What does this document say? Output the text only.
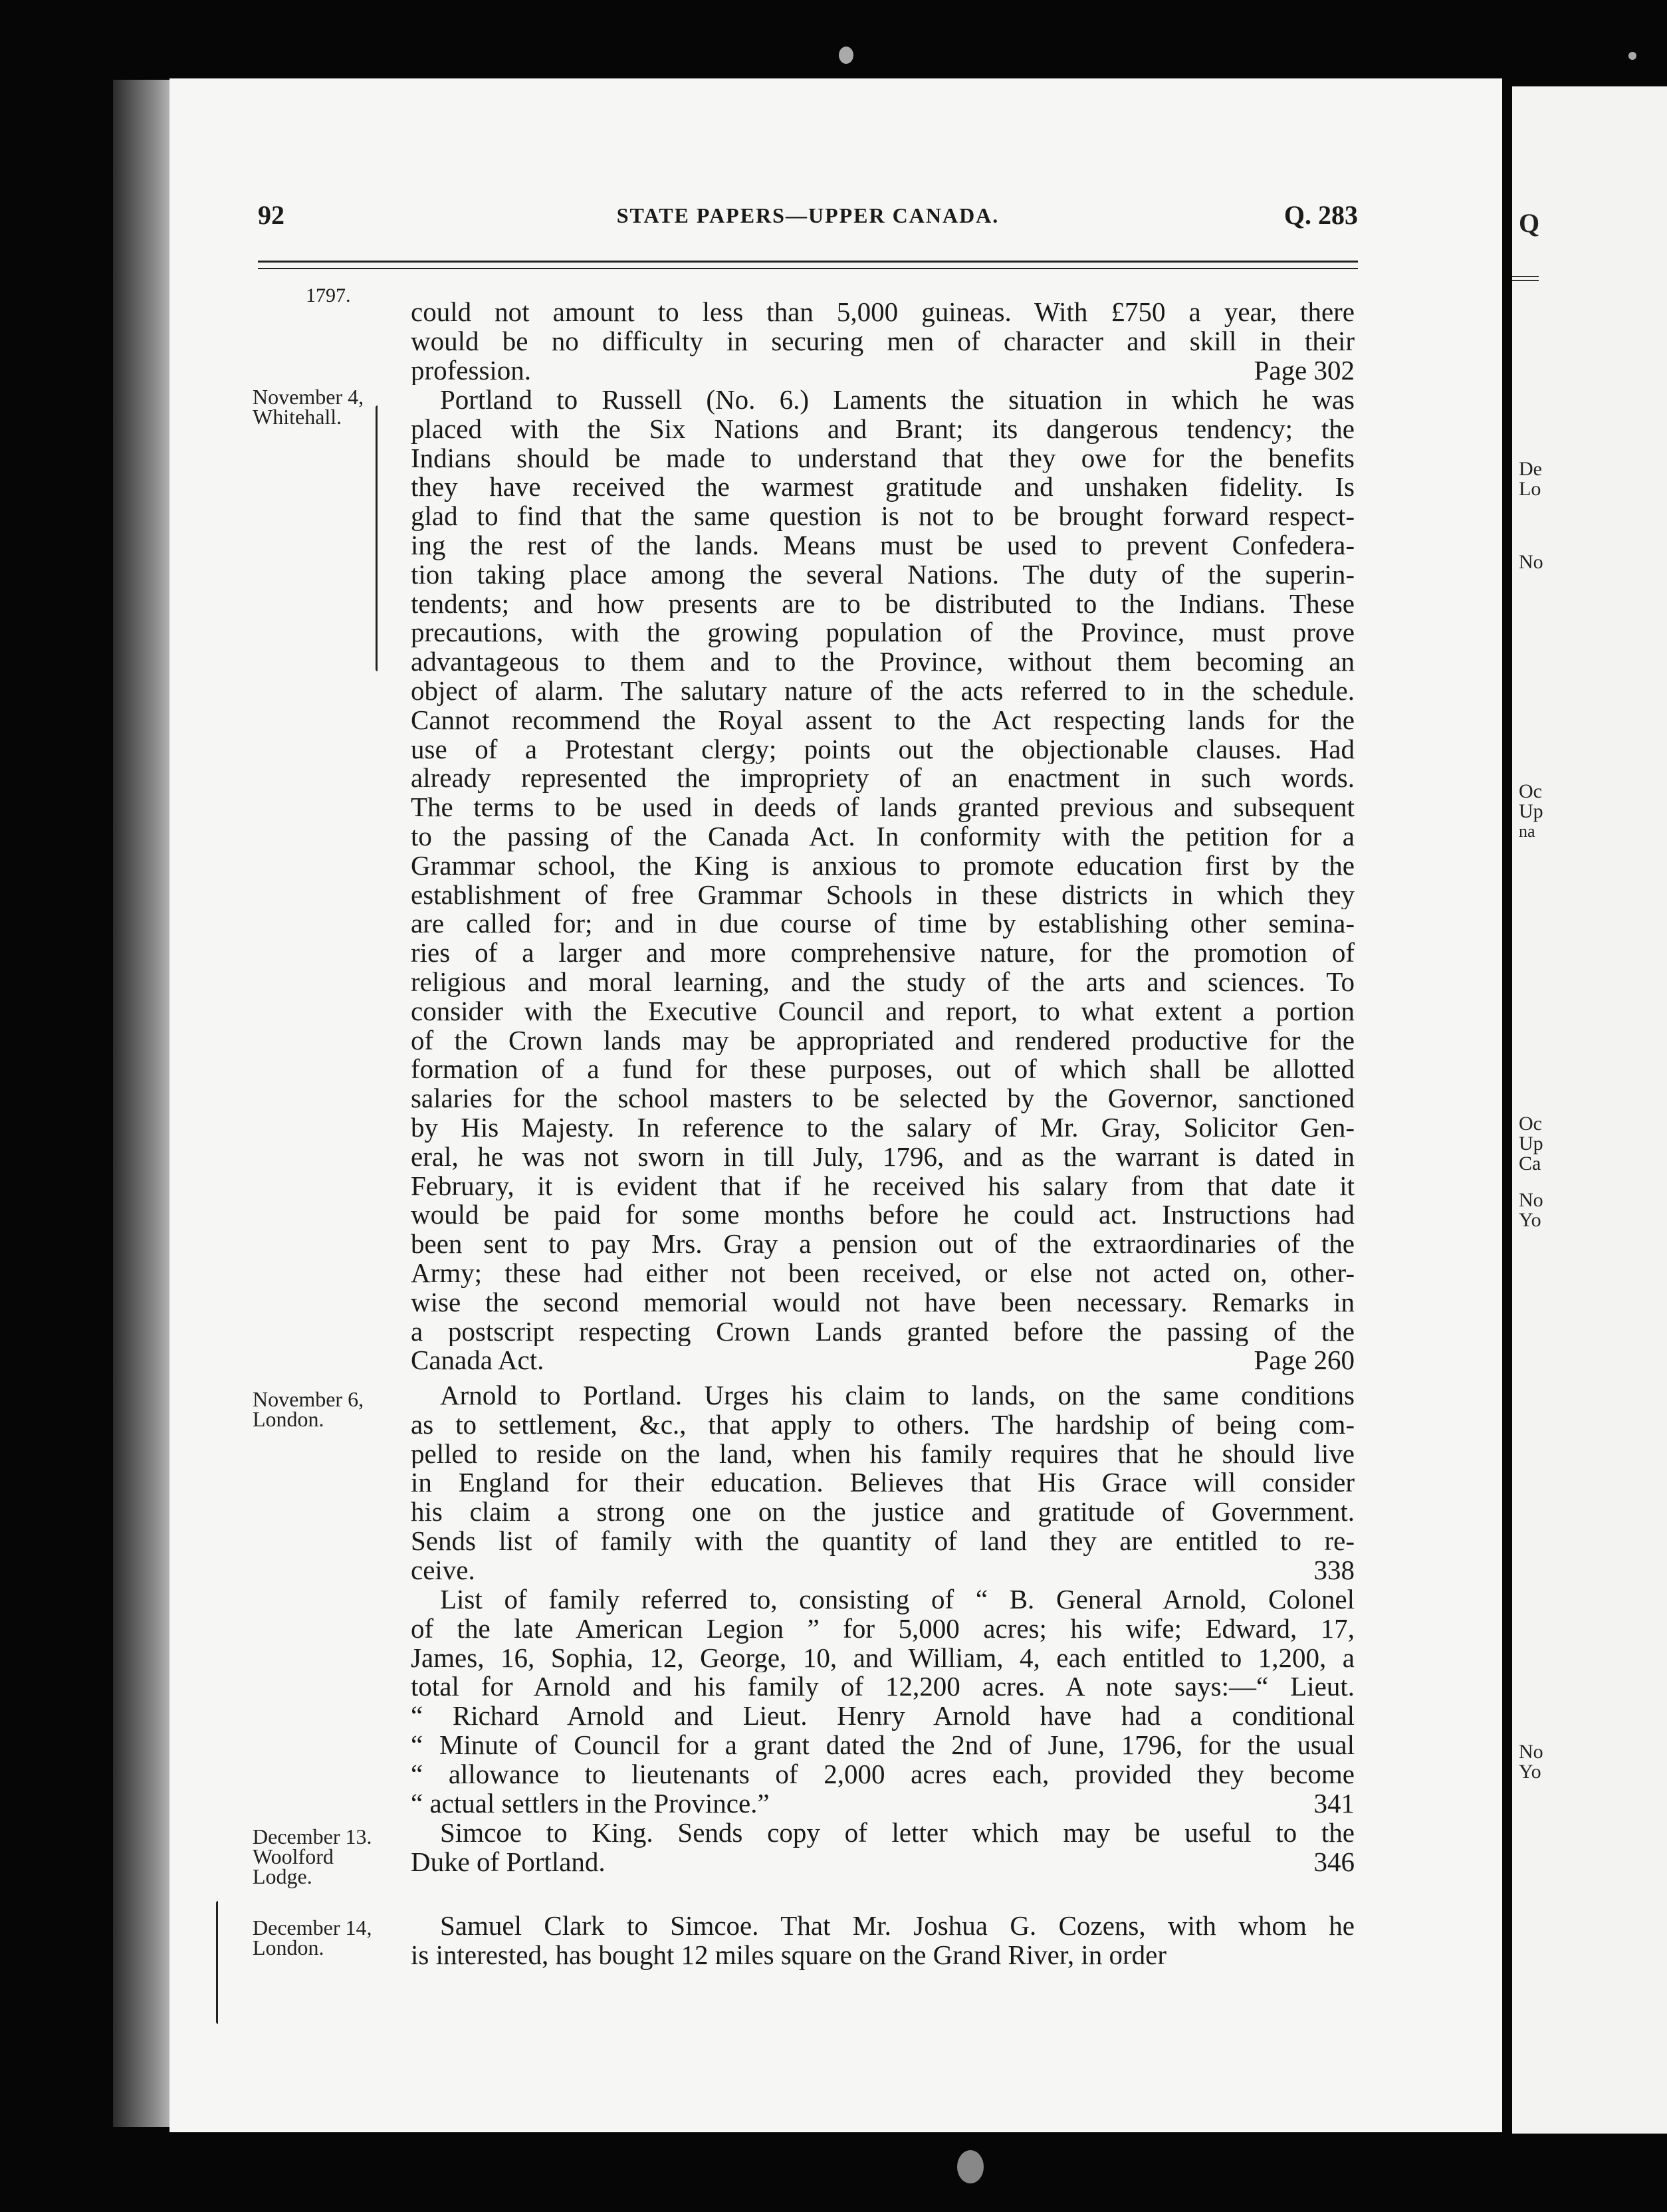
Q
De
Lo
No
Oc
Up
na
Oc
Up
Ca
No
Yo
No
Yo
92	STATE PAPERS—UPPER CANADA.	Q. 283
1797.
November 4,
Whitehall.
November 6,
London.
December 13.
Woolford
Lodge.
December 14,
London.
could not amount to less than 5,000 guineas. With £750 a year, there
would be no difficulty in securing men of character and skill in their
profession.	Page 302
Portland to Russell (No. 6.) Laments the situation in which he was
placed with the Six Nations and Brant; its dangerous tendency; the
Indians should be made to understand that they owe for the benefits
they have received the warmest gratitude and unshaken fidelity. Is
glad to find that the same question is not to be brought forward respect-
ing the rest of the lands. Means must be used to prevent Confedera-
tion taking place among the several Nations. The duty of the superin-
tendents; and how presents are to be distributed to the Indians. These
precautions, with the growing population of the Province, must prove
advantageous to them and to the Province, without them becoming an
object of alarm. The salutary nature of the acts referred to in the schedule.
Cannot recommend the Royal assent to the Act respecting lands for the
use of a Protestant clergy; points out the objectionable clauses. Had
already represented the impropriety of an enactment in such words.
The terms to be used in deeds of lands granted previous and subsequent
to the passing of the Canada Act. In conformity with the petition for a
Grammar school, the King is anxious to promote education first by the
establishment of free Grammar Schools in these districts in which they
are called for; and in due course of time by establishing other semina-
ries of a larger and more comprehensive nature, for the promotion of
religious and moral learning, and the study of the arts and sciences. To
consider with the Executive Council and report, to what extent a portion
of the Crown lands may be appropriated and rendered productive for the
formation of a fund for these purposes, out of which shall be allotted
salaries for the school masters to be selected by the Governor, sanctioned
by His Majesty. In reference to the salary of Mr. Gray, Solicitor Gen-
eral, he was not sworn in till July, 1796, and as the warrant is dated in
February, it is evident that if he received his salary from that date it
would be paid for some months before he could act. Instructions had
been sent to pay Mrs. Gray a pension out of the extraordinaries of the
Army; these had either not been received, or else not acted on, other-
wise the second memorial would not have been necessary. Remarks in
a postscript respecting Crown Lands granted before the passing of the
Canada Act.	Page 260
Arnold to Portland. Urges his claim to lands, on the same conditions
as to settlement, &c., that apply to others. The hardship of being com-
pelled to reside on the land, when his family requires that he should live
in England for their education. Believes that His Grace will consider
his claim a strong one on the justice and gratitude of Government.
Sends list of family with the quantity of land they are entitled to re-
ceive.	338
List of family referred to, consisting of “ B. General Arnold, Colonel
of the late American Legion ” for 5,000 acres; his wife; Edward, 17,
James, 16, Sophia, 12, George, 10, and William, 4, each entitled to 1,200, a
total for Arnold and his family of 12,200 acres. A note says:—“ Lieut.
“ Richard Arnold and Lieut. Henry Arnold have had a conditional
“ Minute of Council for a grant dated the 2nd of June, 1796, for the usual
“ allowance to lieutenants of 2,000 acres each, provided they become
“ actual settlers in the Province.”	341
Simcoe to King. Sends copy of letter which may be useful to the
Duke of Portland.	346
Samuel Clark to Simcoe. That Mr. Joshua G. Cozens, with whom he
is interested, has bought 12 miles square on the Grand River, in order
